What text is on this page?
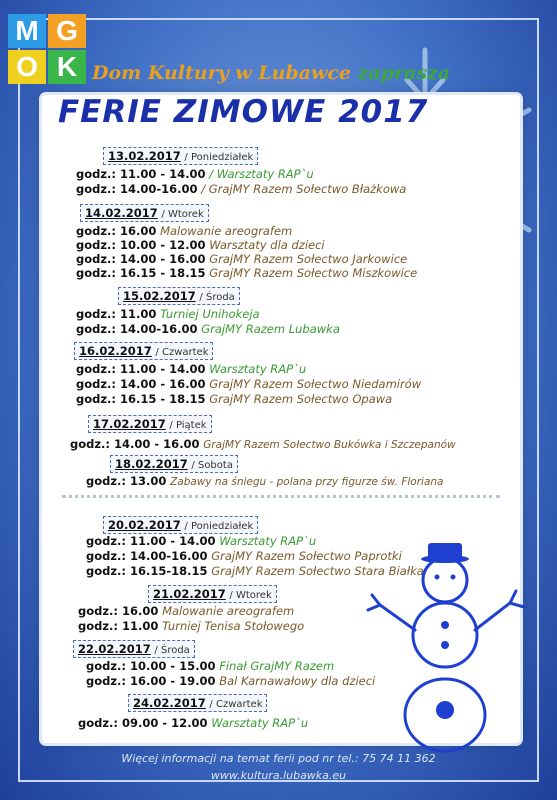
M G
O K Dom Kultury w Lubawce zaprasza
FERIE ZIMOWE 2017
13.02.2017 / Poniedziałek
godz.: 11.00 - 14.00 / Warsztaty RAP`u
godz.: 14.00-16.00 / GrajMY Razem Sołectwo Błażkowa
14.02.2017 / Wtorek
godz.: 16.00 Malowanie areografem
godz.: 10.00 - 12.00 Warsztaty dla dzieci
godz.: 14.00 - 16.00 GrajMY Razem Sołectwo Jarkowice
godz.: 16.15 - 18.15 GrajMY Razem Sołectwo Miszkowice
15.02.2017 / Środa
godz.: 11.00 Turniej Unihokeja
godz.: 14.00-16.00 GrajMY Razem Lubawka
16.02.2017 / Czwartek
godz.: 11.00 - 14.00 Warsztaty RAP`u
godz.: 14.00 - 16.00 GrajMY Razem Sołectwo Niedamirów
godz.: 16.15 - 18.15 GrajMY Razem Sołectwo Opawa
17.02.2017 / Piątek
godz.: 14.00 - 16.00 GrajMY Razem Sołectwo Bukówka i Szczepanów
18.02.2017 / Sobota
godz.: 13.00 Zabawy na śniegu - polana przy figurze św. Floriana
20.02.2017 / Poniedziałek
godz.: 11.00 - 14.00 Warsztaty RAP`u
godz.: 14.00-16.00 GrajMY Razem Sołectwo Paprotki
godz.: 16.15-18.15 GrajMY Razem Sołectwo Stara Białka
21.02.2017 / Wtorek
godz.: 16.00 Malowanie areografem
godz.: 11.00 Turniej Tenisa Stołowego
22.02.2017 / Środa
godz.: 10.00 - 15.00 Finał GrajMY Razem
godz.: 16.00 - 19.00 Bal Karnawałowy dla dzieci
24.02.2017 / Czwartek
godz.: 09.00 - 12.00 Warsztaty RAP`u
Więcej informacji na temat ferii pod nr tel.: 75 74 11 362
www.kultura.lubawka.eu
